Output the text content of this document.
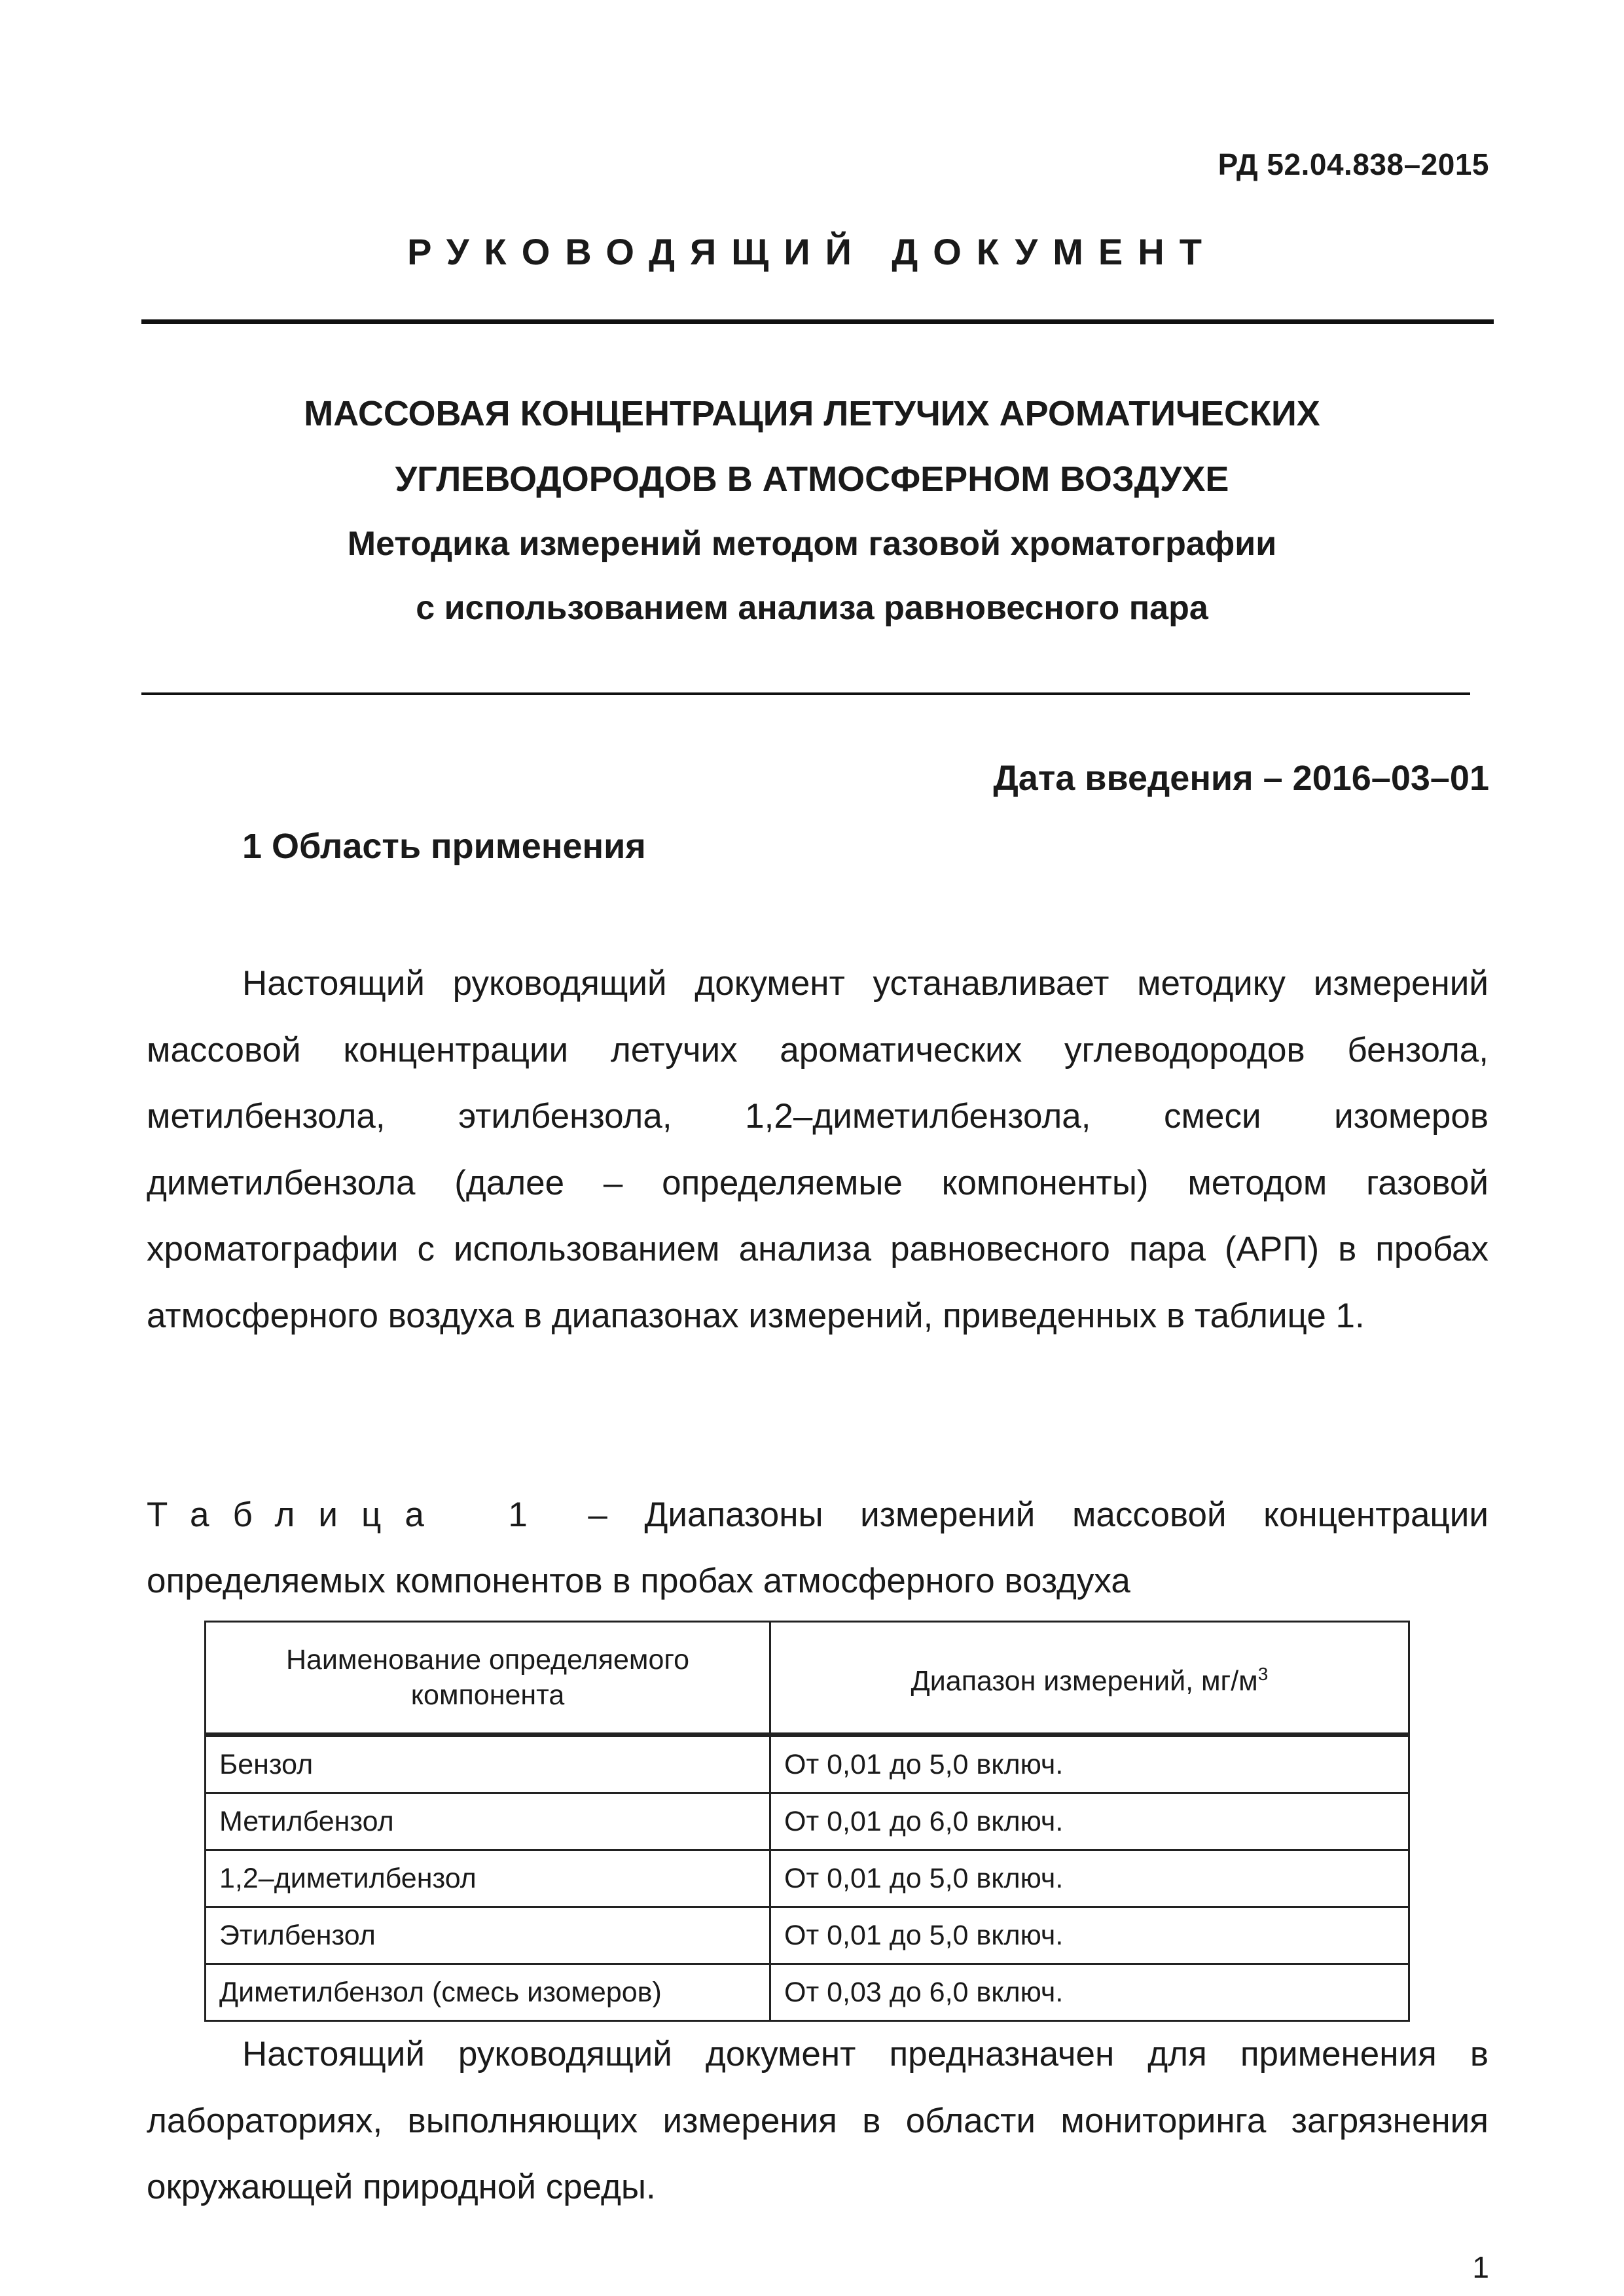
РД 52.04.838–2015
РУКОВОДЯЩИЙ ДОКУМЕНТ
МАССОВАЯ КОНЦЕНТРАЦИЯ ЛЕТУЧИХ АРОМАТИЧЕСКИХ
УГЛЕВОДОРОДОВ В АТМОСФЕРНОМ ВОЗДУХЕ
Методика измерений методом газовой хроматографии
с использованием анализа равновесного пара
Дата введения – 2016–03–01
1 Область применения
Настоящий руководящий документ устанавливает методику измерений массовой концентрации летучих ароматических углеводородов бензола, метилбензола, этилбензола, 1,2–диметилбензола, смеси изомеров диметилбензола (далее – определяемые компоненты) методом газовой хроматографии с использованием анализа равновесного пара (АРП) в пробах атмосферного воздуха в диапазонах измерений, приведенных в таблице 1.
Таблица 1 – Диапазоны измерений массовой концентрации определяемых компонентов в пробах атмосферного воздуха
Наименование определяемого компонента	Диапазон измерений, $мг/м^3$
Бензол	От 0,01 до 5,0 включ.
Метилбензол	От 0,01 до 6,0 включ.
1,2–диметилбензол	От 0,01 до 5,0 включ.
Этилбензол	От 0,01 до 5,0 включ.
Диметилбензол (смесь изомеров)	От 0,03 до 6,0 включ.
Настоящий руководящий документ предназначен для применения в лабораториях, выполняющих измерения в области мониторинга загрязнения окружающей природной среды.
1
